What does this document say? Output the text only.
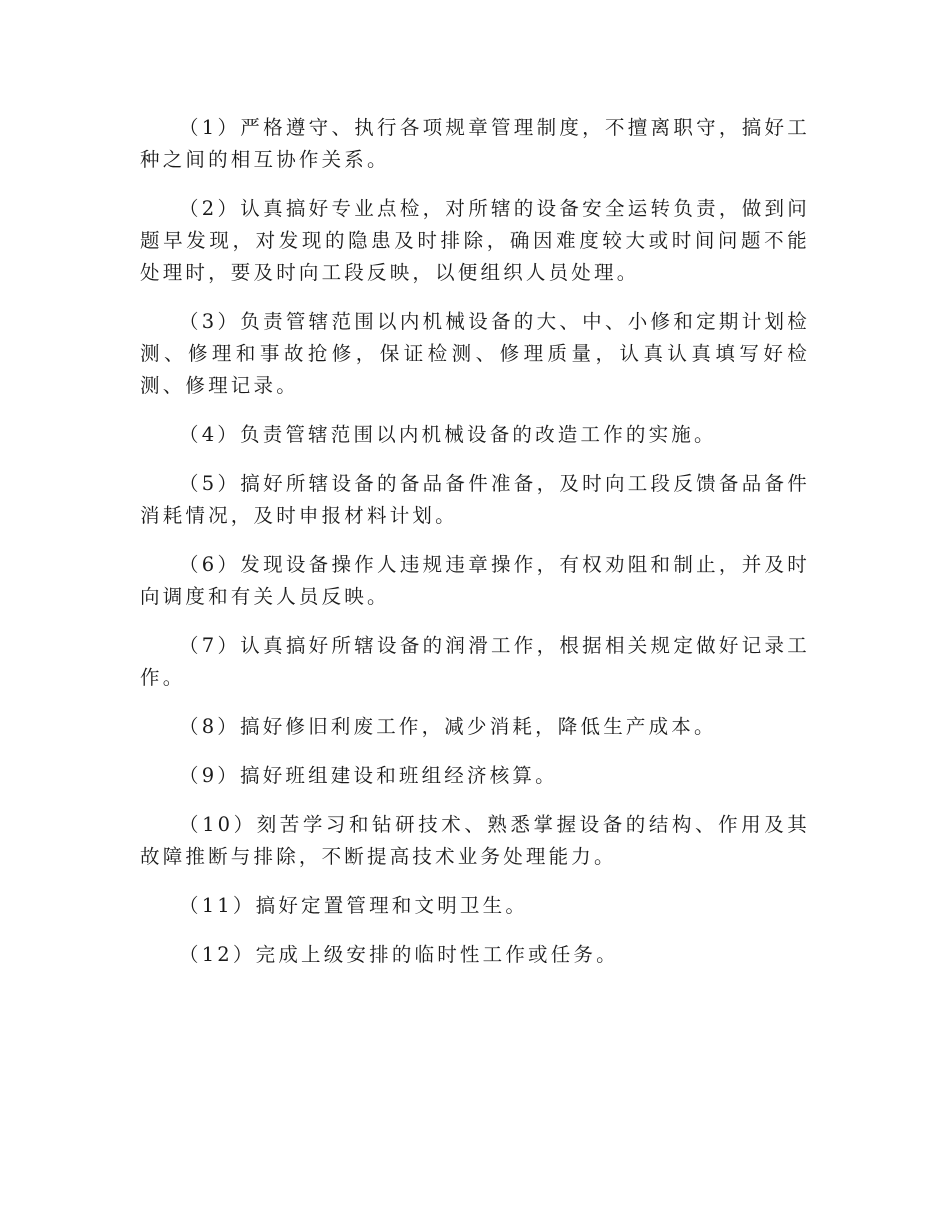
（1）严格遵守、执行各项规章管理制度，不擅离职守，搞好工种之间的相互协作关系。

（2）认真搞好专业点检，对所辖的设备安全运转负责，做到问题早发现，对发现的隐患及时排除，确因难度较大或时间问题不能处理时，要及时向工段反映，以便组织人员处理。

（3）负责管辖范围以内机械设备的大、中、小修和定期计划检测、修理和事故抢修，保证检测、修理质量，认真认真填写好检测、修理记录。

（4）负责管辖范围以内机械设备的改造工作的实施。

（5）搞好所辖设备的备品备件准备，及时向工段反馈备品备件消耗情况，及时申报材料计划。

（6）发现设备操作人违规违章操作，有权劝阻和制止，并及时向调度和有关人员反映。

（7）认真搞好所辖设备的润滑工作，根据相关规定做好记录工作。

（8）搞好修旧利废工作，减少消耗，降低生产成本。

（9）搞好班组建设和班组经济核算。

（10）刻苦学习和钻研技术、熟悉掌握设备的结构、作用及其故障推断与排除，不断提高技术业务处理能力。

（11）搞好定置管理和文明卫生。

（12）完成上级安排的临时性工作或任务。
